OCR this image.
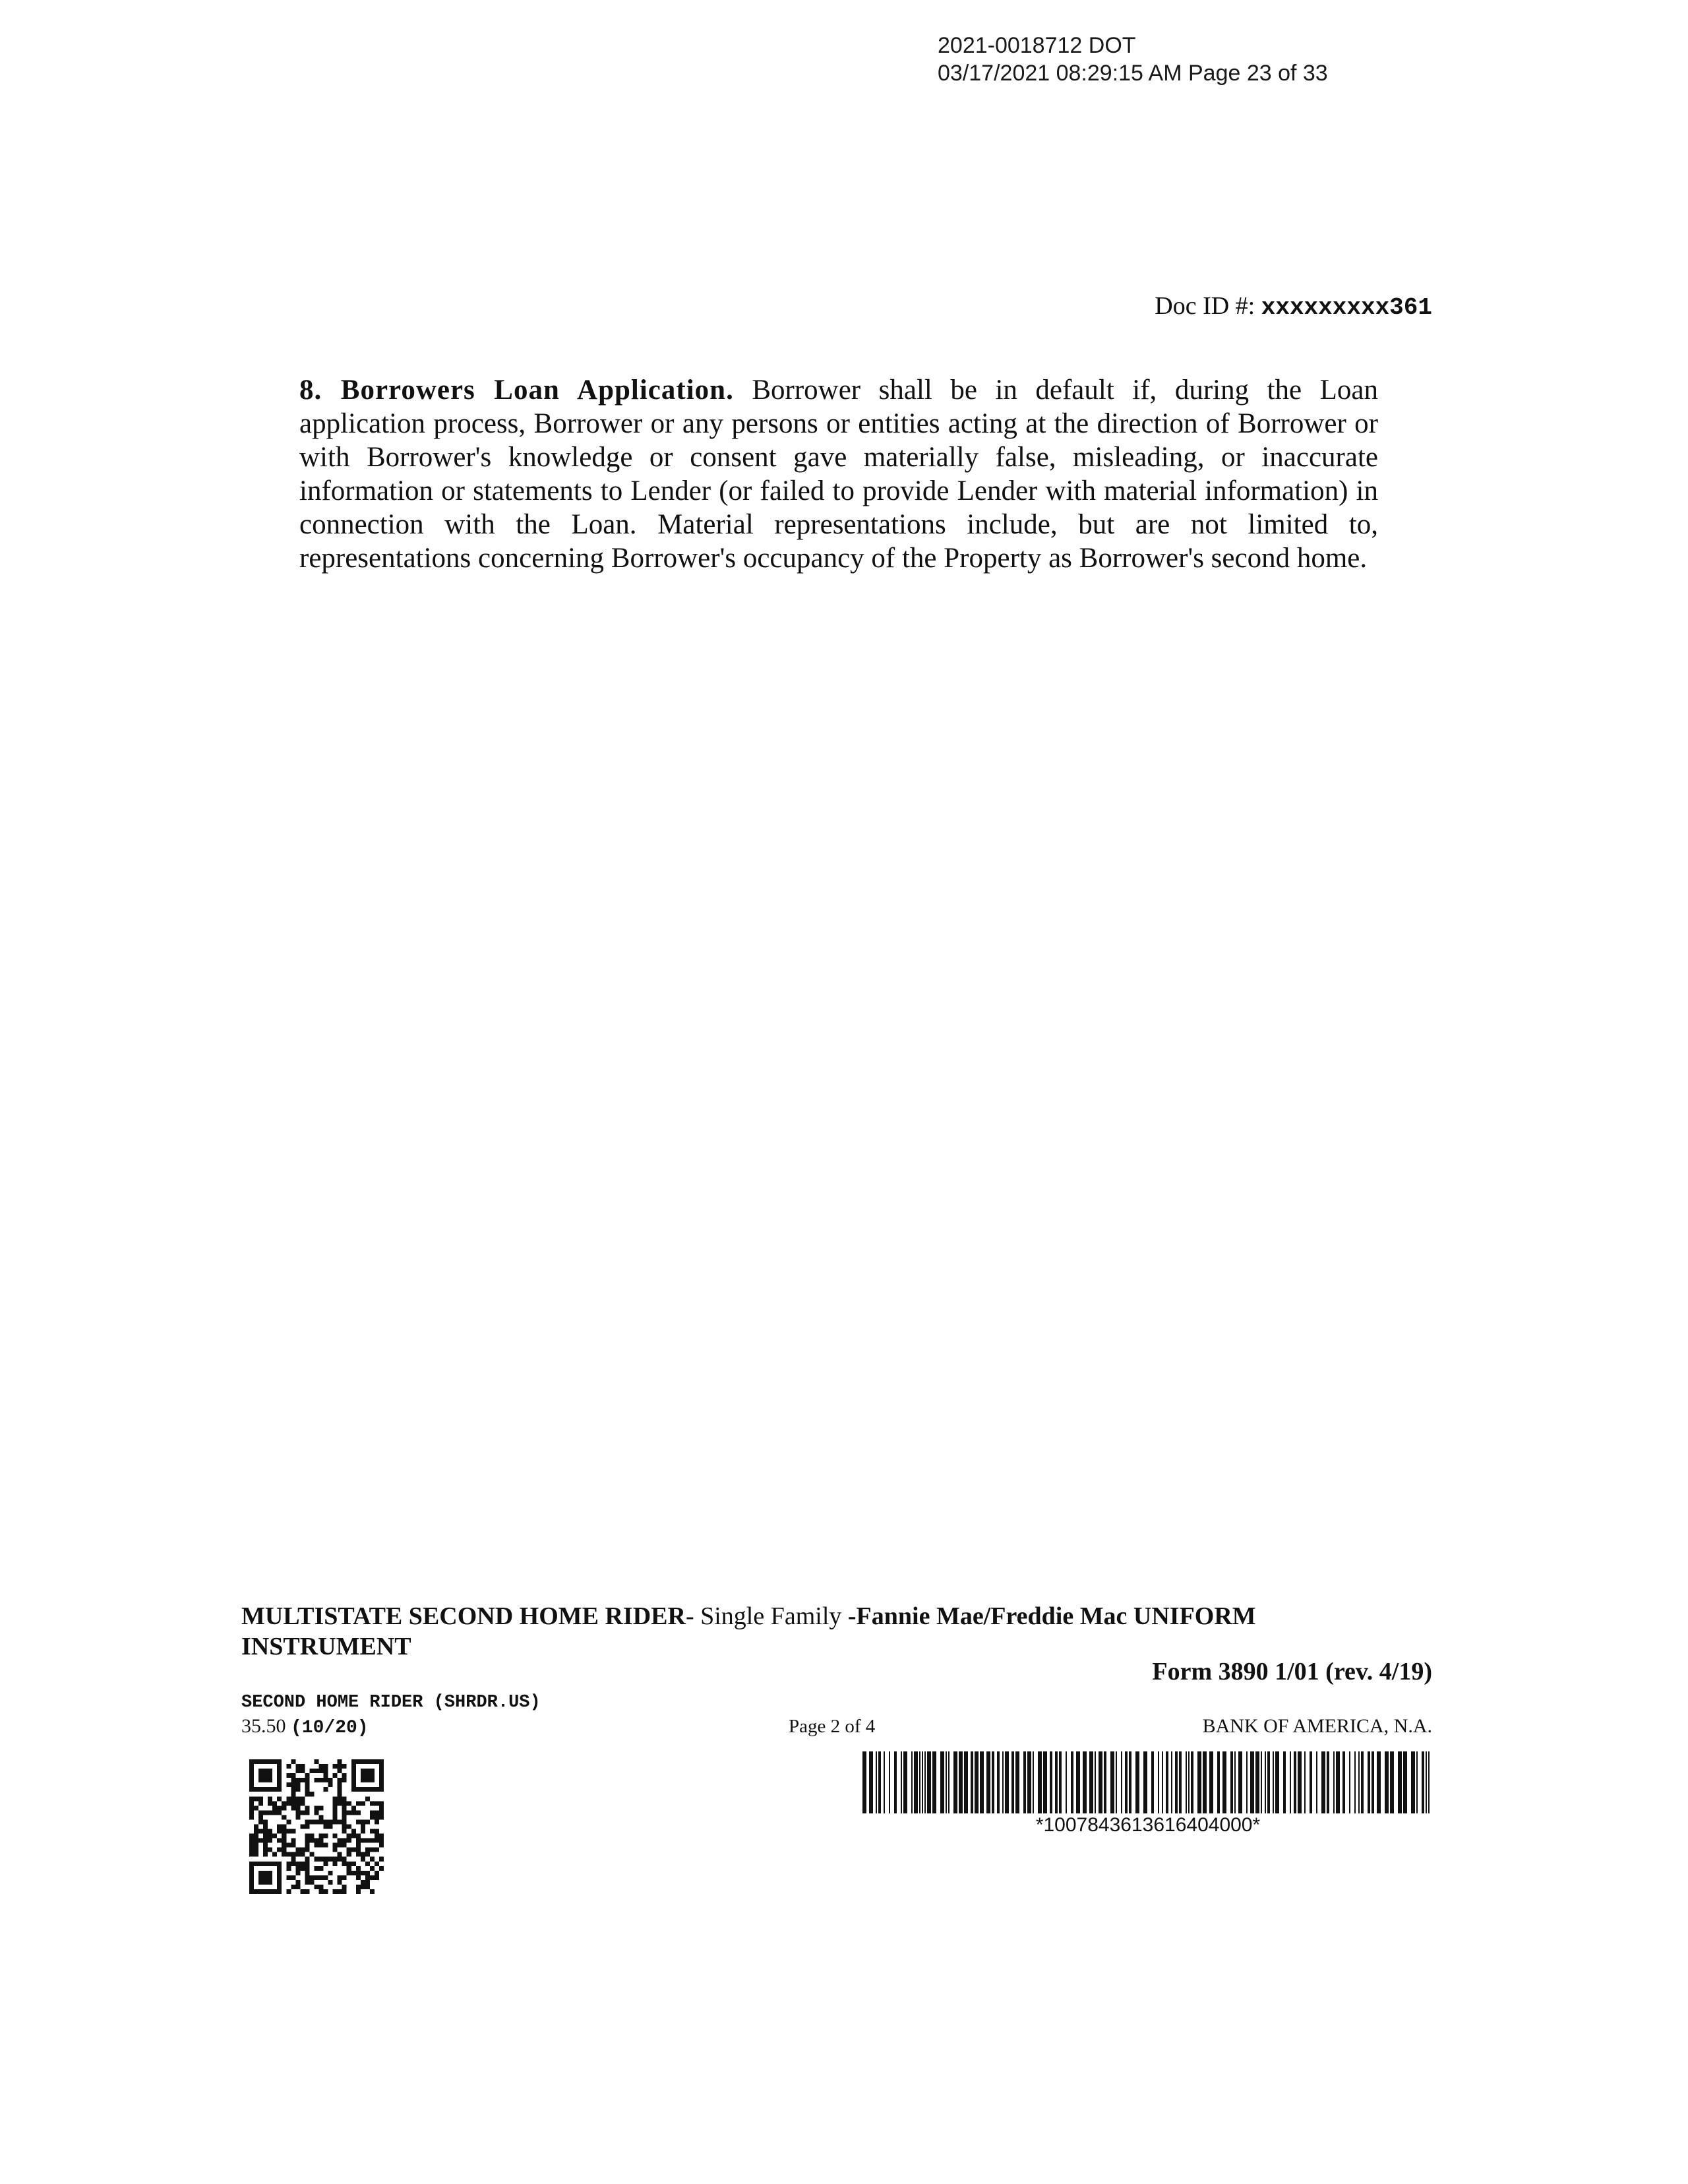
2021-0018712 DOT
03/17/2021 08:29:15 AM Page 23 of 33
Doc ID #: xxxxxxxxx361
8. Borrowers Loan Application. Borrower shall be in default if, during the Loan application process, Borrower or any persons or entities acting at the direction of Borrower or with Borrower's knowledge or consent gave materially false, misleading, or inaccurate information or statements to Lender (or failed to provide Lender with material information) in connection with the Loan. Material representations include, but are not limited to, representations concerning Borrower's occupancy of the Property as Borrower's second home.
MULTISTATE SECOND HOME RIDER- Single Family -Fannie Mae/Freddie Mac UNIFORM INSTRUMENT
Form 3890 1/01 (rev. 4/19)
SECOND HOME RIDER (SHRDR.US)
35.50 (10/20)	Page 2 of 4	BANK OF AMERICA, N.A.
*1007843613616404000*
